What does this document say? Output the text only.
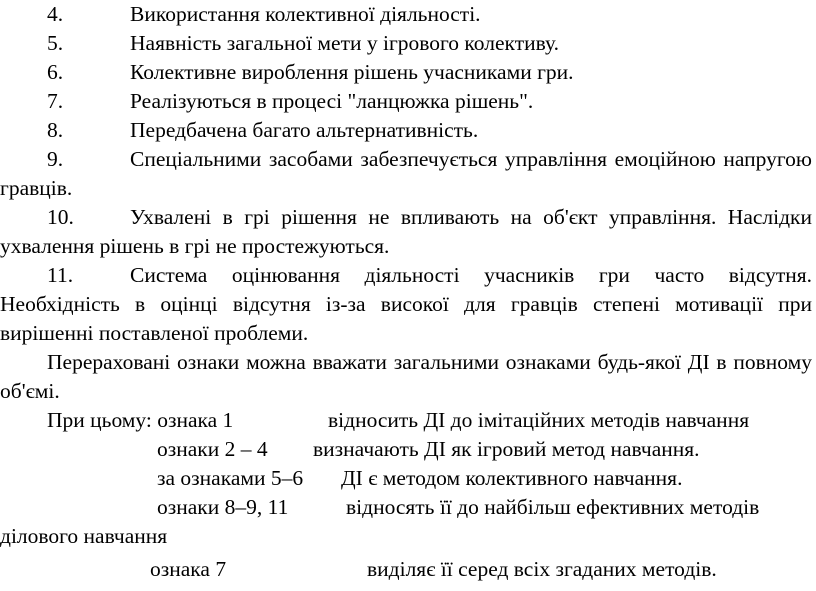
4.	Використання колективної діяльності.

5.	Наявність загальної мети у ігрового колективу.

6.	Колективне вироблення рішень учасниками гри.

7.	Реалізуються в процесі "ланцюжка рішень".

8.	Передбачена багато альтернативність.

9.	Спеціальними засобами забезпечується управління емоційною напругою гравців.

10.	Ухвалені в грі рішення не впливають на об'єкт управління. Наслідки ухвалення рішень в грі не простежуються.

11.	Система оцінювання діяльності учасників гри часто відсутня. Необхідність в оцінці відсутня із-за високої для гравців степені мотивації при вирішенні поставленої проблеми.

Перераховані ознаки можна вважати загальними ознаками будь-якої ДІ в повному об'ємі.

При цьому: ознака 1	відносить ДІ до імітаційних методів навчання
ознаки 2 – 4 визначають ДІ як ігровий метод навчання.
за ознаками 5–6 ДІ є методом колективного навчання.
ознаки 8–9, 11	відносять її до найбільш ефективних методів
ділового навчання
ознака 7	виділяє її серед всіх згаданих методів.
